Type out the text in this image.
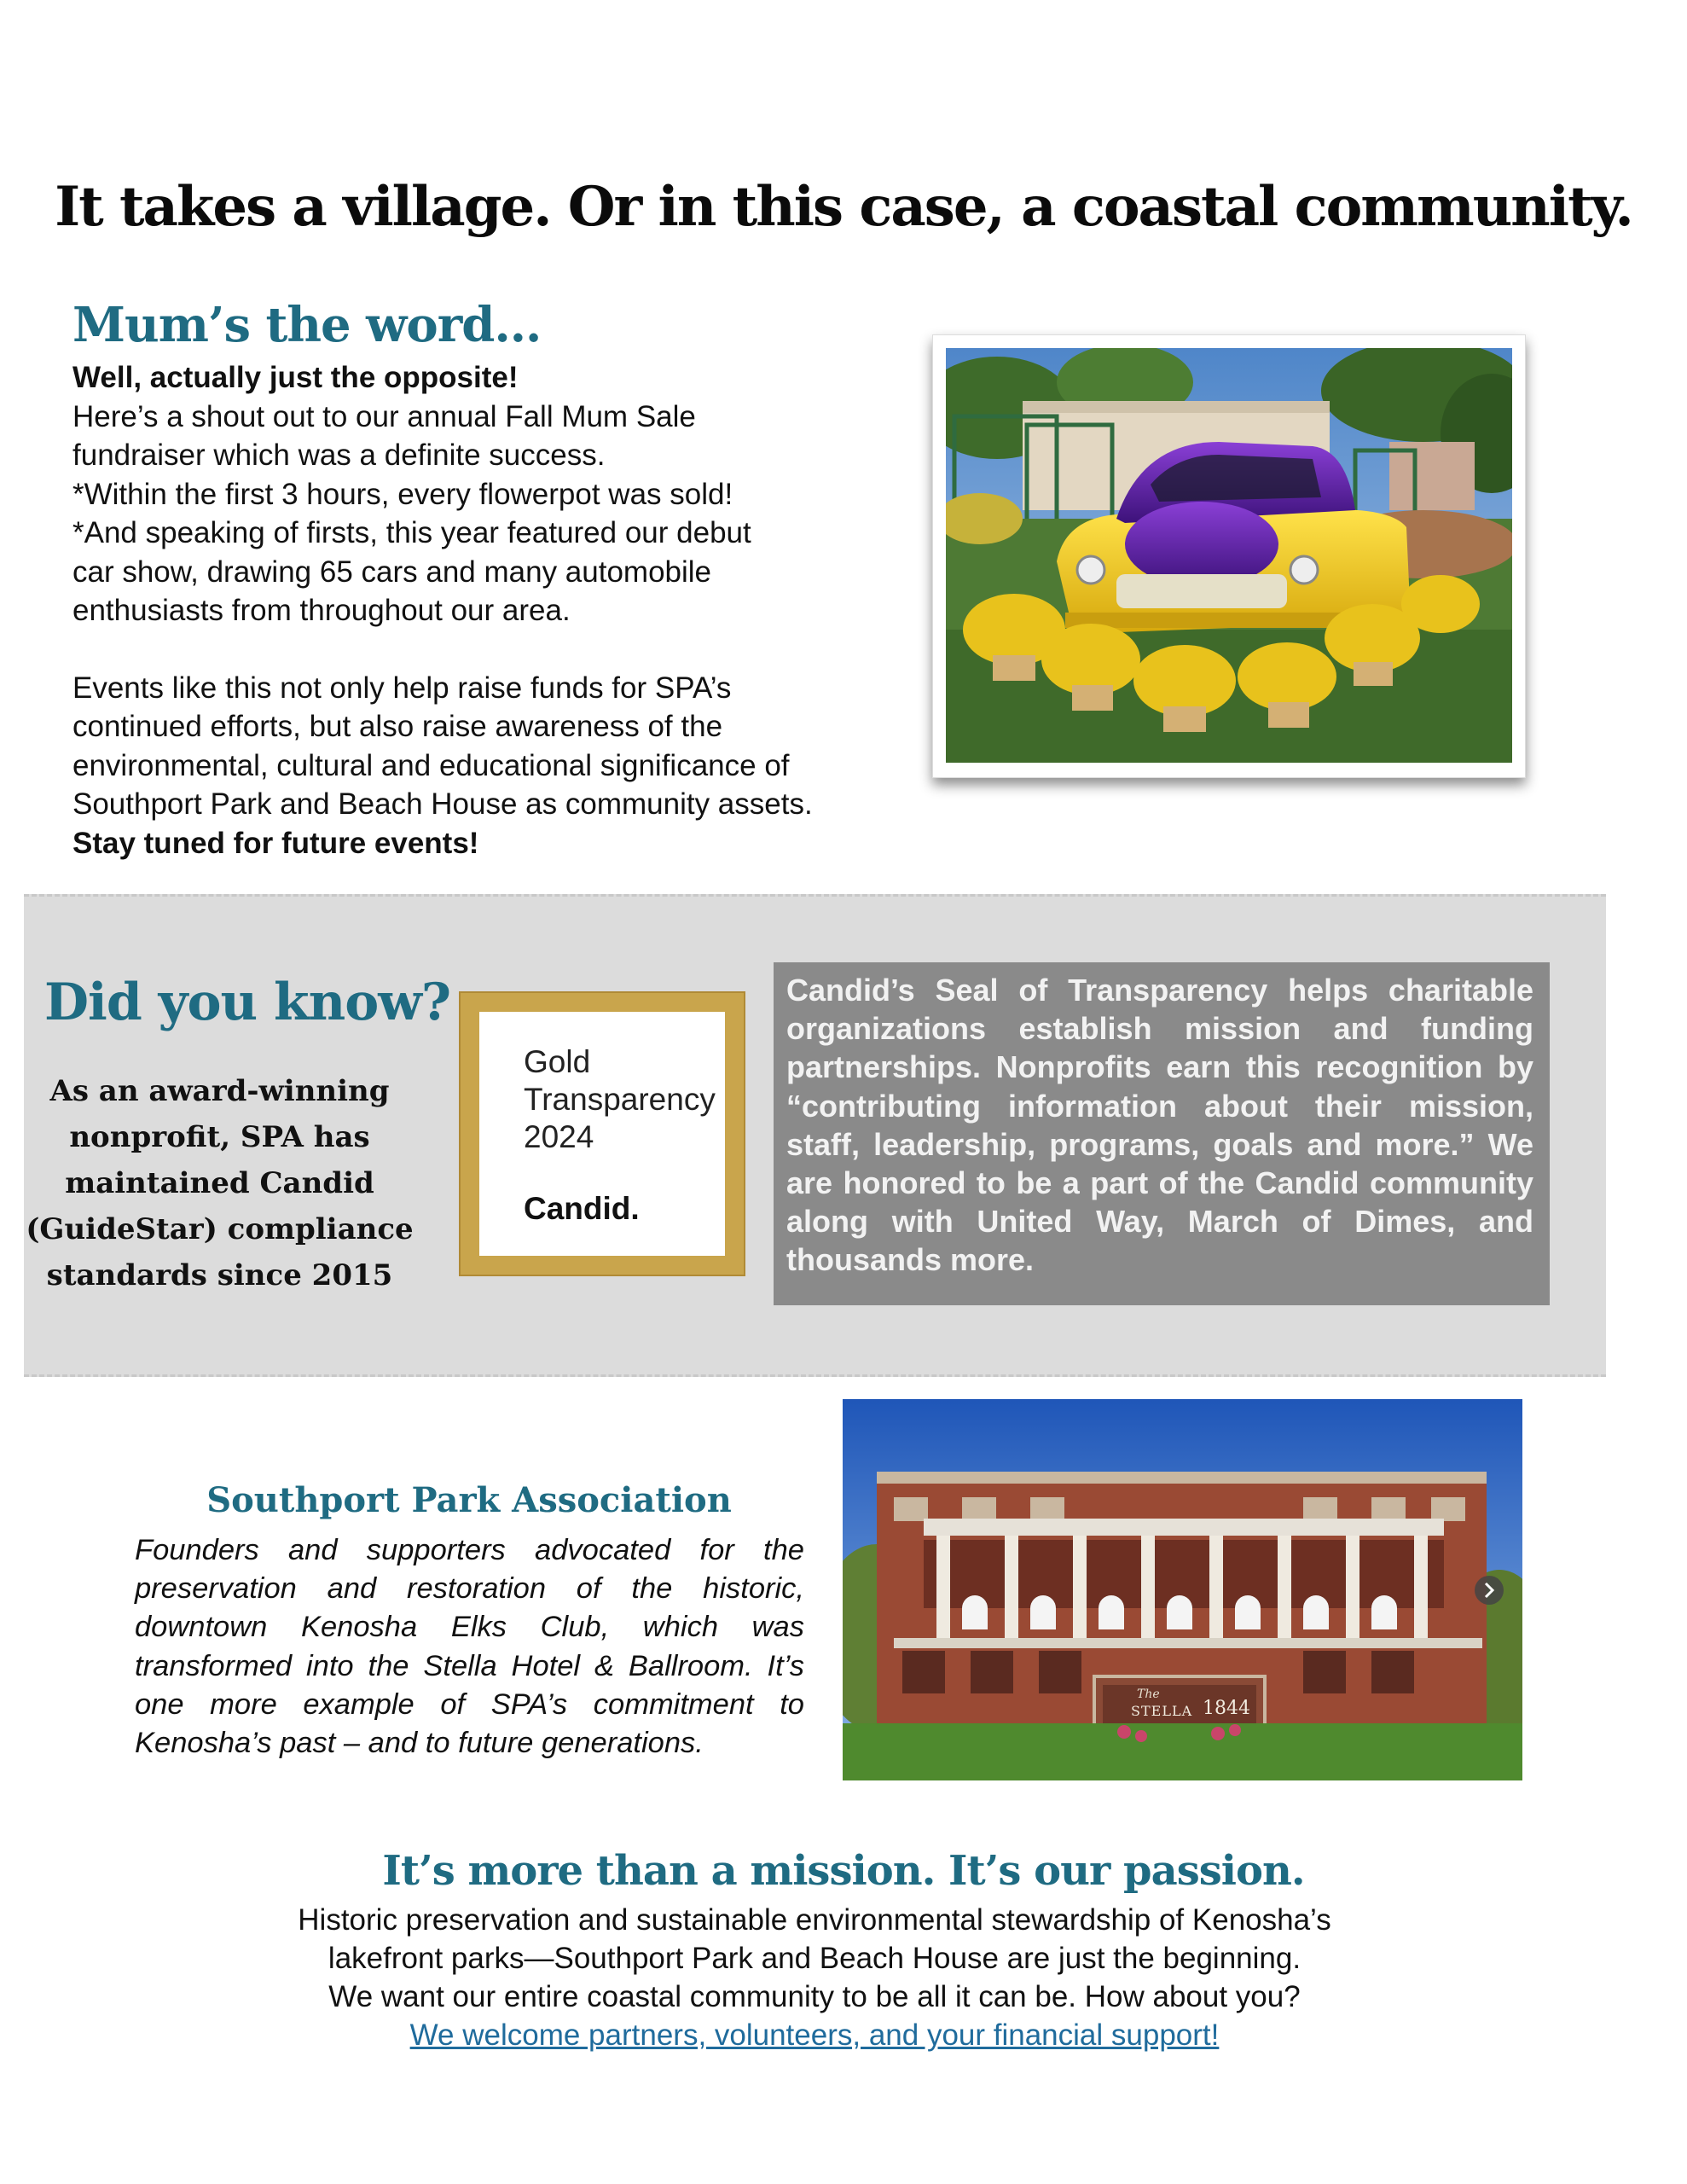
It takes a village. Or in this case, a coastal community.
Mum’s the word…

Well, actually just the opposite!

Here’s a shout out to our annual Fall Mum Sale

fundraiser which was a definite success.

*Within the first 3 hours, every flowerpot was sold!

*And speaking of firsts, this year featured our debut

car show, drawing 65 cars and many automobile

enthusiasts from throughout our area.

Events like this not only help raise funds for SPA’s

continued efforts, but also raise awareness of the

environmental, cultural and educational significance of

Southport Park and Beach House as community assets.

Stay tuned for future events!

Did you know?
As an award-winning
nonprofit, SPA has
maintained Candid
(GuideStar) compliance
standards since 2015
Gold
Transparency
2024
Candid.
Candid’s Seal of Transparency helps charitable organizations establish mission and funding partnerships. Nonprofits earn this recognition by “contributing information about their mission, staff, leadership, programs, goals and more.” We are honored to be a part of the Candid community along with United Way, March of Dimes, and thousands more.
The
STELLA 1844
Southport Park Association
Founders and supporters advocated for the preservation and restoration of the historic, downtown Kenosha Elks Club, which was transformed into the Stella Hotel & Ballroom. It’s one more example of SPA’s commitment to Kenosha’s past – and to future generations.
It’s more than a mission. It’s our passion.

Historic preservation and sustainable environmental stewardship of Kenosha’s

lakefront parks—Southport Park and Beach House are just the beginning.

We want our entire coastal community to be all it can be. How about you?

We welcome partners, volunteers, and your financial support!
